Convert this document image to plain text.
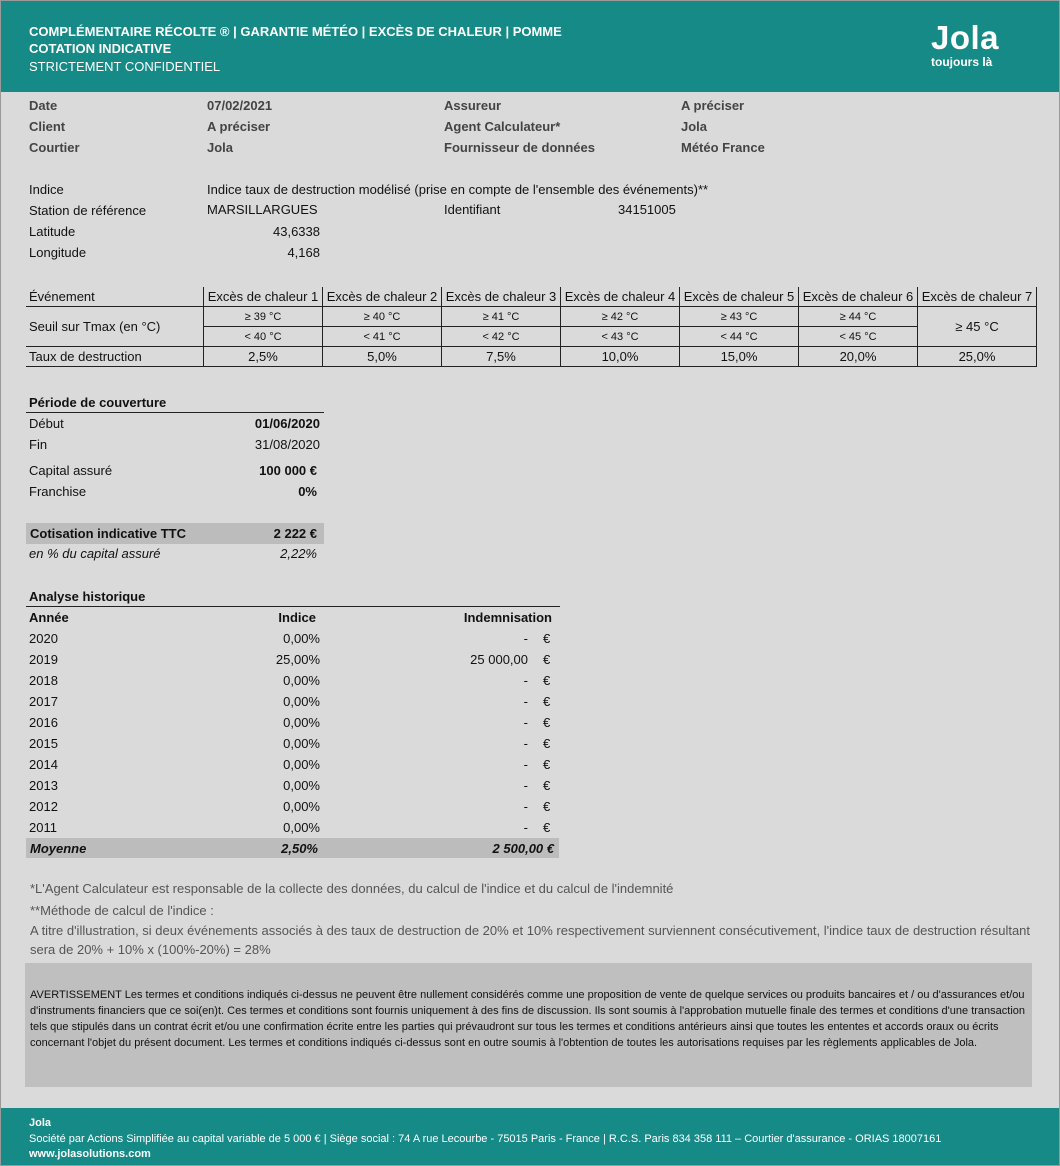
COMPLÉMENTAIRE RÉCOLTE ® | GARANTIE MÉTÉO | EXCÈS DE CHALEUR | POMME
COTATION INDICATIVE
STRICTEMENT CONFIDENTIEL
Jola
toujours là
Date	07/02/2021	Assureur	A préciser
Client	A préciser	Agent Calculateur*	Jola
Courtier	Jola	Fournisseur de données	Météo France
Indice	Indice taux de destruction modélisé (prise en compte de l'ensemble des événements)**
Station de référence	MARSILLARGUES	Identifiant	34151005
Latitude	43,6338
Longitude	4,168
Événement	Excès de chaleur 1	Excès de chaleur 2	Excès de chaleur 3	Excès de chaleur 4	Excès de chaleur 5	Excès de chaleur 6	Excès de chaleur 7
Seuil sur Tmax (en °C)	≥ 39 °C	≥ 40 °C	≥ 41 °C	≥ 42 °C	≥ 43 °C	≥ 44 °C	≥ 45 °C
	< 40 °C	< 41 °C	< 42 °C	< 43 °C	< 44 °C	< 45 °C	
Taux de destruction	2,5%	5,0%	7,5%	10,0%	15,0%	20,0%	25,0%
Période de couverture
Début	01/06/2020
Fin	31/08/2020
Capital assuré	100 000 €
Franchise	0%
Cotisation indicative TTC	2 222 €
en % du capital assuré	2,22%
Analyse historique
Année	Indice	Indemnisation
2020	0,00%	- €
2019	25,00%	25 000,00 €
2018	0,00%	- €
2017	0,00%	- €
2016	0,00%	- €
2015	0,00%	- €
2014	0,00%	- €
2013	0,00%	- €
2012	0,00%	- €
2011	0,00%	- €
Moyenne	2,50%	2 500,00 €
*L'Agent Calculateur est responsable de la collecte des données, du calcul de l'indice et du calcul de l'indemnité
**Méthode de calcul de l'indice :
A titre d'illustration, si deux événements associés à des taux de destruction de 20% et 10% respectivement surviennent consécutivement, l'indice taux de destruction résultant
sera de 20% + 10% x (100%-20%) = 28%

AVERTISSEMENT Les termes et conditions indiqués ci-dessus ne peuvent être nullement considérés comme une proposition de vente de quelque services ou produits bancaires et / ou d'assurances et/ou d'instruments financiers que ce soi(en)t. Ces termes et conditions sont fournis uniquement à des fins de discussion. Ils sont soumis à l'approbation mutuelle finale des termes et conditions d'une transaction tels que stipulés dans un contrat écrit et/ou une confirmation écrite entre les parties qui prévaudront sur tous les termes et conditions antérieurs ainsi que toutes les ententes et accords oraux ou écrits concernant l'objet du présent document. Les termes et conditions indiqués ci-dessus sont en outre soumis à l'obtention de toutes les autorisations requises par les règlements applicables de Jola.

Jola
Société par Actions Simplifiée au capital variable de 5 000 € | Siège social : 74 A rue Lecourbe - 75015 Paris - France | R.C.S. Paris 834 358 111 – Courtier d'assurance - ORIAS 18007161
www.jolasolutions.com
